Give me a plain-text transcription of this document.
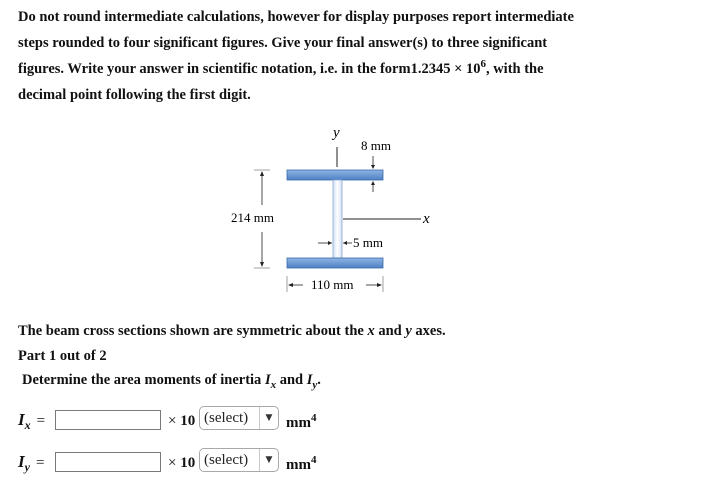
Do not round intermediate calculations, however for display purposes report intermediate
steps rounded to four significant figures. Give your final answer(s) to three significant
figures. Write your answer in scientific notation, i.e. in the form1.2345 × $10^6$, with the
decimal point following the first digit.
y
8 mm
214 mm	x
5 mm
110 mm
The beam cross sections shown are symmetric about the x and y axes.
Part 1 out of 2
Determine the area moments of inertia $I_x$ and $I_y$.
$I_x$ =	× 10 (select)	▼ $mm^4$
$I_y$ =	× 10 (select)	▼ $mm^4$
